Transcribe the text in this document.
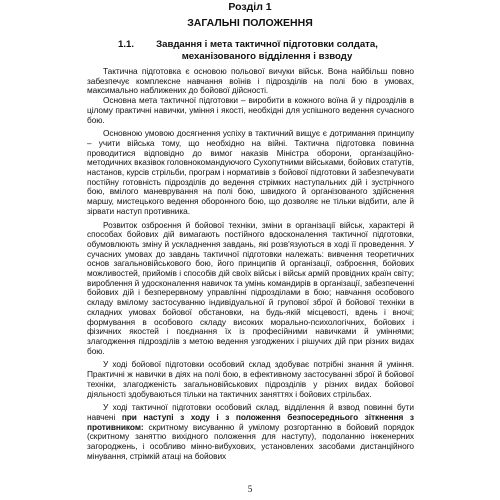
Розділ 1
ЗАГАЛЬНІ ПОЛОЖЕННЯ
1.1.	Завдання і мета тактичної підготовки солдата,
механізованого відділення і взводу

Тактична підготовка є основою польової вичуки військ. Вона найбільш повно забезпечує комплексне навчання воїнів і підрозділів на полі бою в умовах, максимально наближених до бойової дійсності.

Основна мета тактичної підготовки – виробити в кожного воїна й у підрозділів в цілому практичні навички, уміння і якості, необхідні для успішного ведення сучасного бою.

Основною умовою досягнення успіху в тактичний вищує є дотримання принципу – учити військa тому, що необхідно на війні. Тактична підготовка повинна проводитися відповідно до вимог наказів Міністра оборони, організаційно-методичних вказівок головнокомандуючого Сухопутними військами, бойових статутів, настанов, курсів стрільби, програм і нормативів з бойової підготовки й забезпечувати постійну готовність підрозділів до ведення стрімких наступальних дій і зустрічного бою, вмілого маневрування на полі бою, швидкого й організованого здійснення маршу, мистецького ведення оборонного бою, що дозволяє не тільки відбити, але й зірвати наступ противника.

Розвиток озброєння й бойової техніки, зміни в організації військ, характері й способах бойових дій вимагають постійного вдосконалення тактичної підготовки, обумовлюють зміну й ускладнення завдань, які розв'язуються в ході її проведення. У сучасних умовах до завдань тактичної підготовки належать: вивчення теоретичних основ загальновійськового бою, його принципів й організації, озброєння, бойових можливостей, прийомів і способів дій своїх військ і військ армій провідних країн світу; вироблення й удосконалення навичок та умінь командирів в організації, забезпеченні бойових дій і безперервному управлінні підрозділами в бою; навчання особового складу вмілому застосуванню індивідуальної й групової зброї й бойової техніки в складних умовах бойової обстановки, на будь-якій місцевості, вдень і вночі; формування в особового складу високих морально-психологічних, бойових і фізичних якостей і поєднання їх із професійними навичками й уміннями; злагодження підрозділів з метою ведення узгоджених і рішучих дій при різних видах бою.

У ході бойової підготовки особовий склад здобуває потрібні знання й уміння. Практичні ж навички в діях на полі бою, в ефективному застосуванні зброї й бойової техніки, злагодженість загальновійськових підрозділів у різних видах бойової діяльності здобуваються тільки на тактичних заняттях і бойових стрільбах.

У ході тактичної підготовки особовий склад, відділення й взвод повинні бути навчені при наступі з ходу і з положення безпосереднього зіткнення з противником: скритному висуванню й умілому розгортанню в бойовий порядок (скритному заняттю вихідного положення для наступу), подоланню інженерних загороджень, і особливо мінно-вибухових, установлених засобами дистанційного мінування, стрімкій атаці на бойових

5
